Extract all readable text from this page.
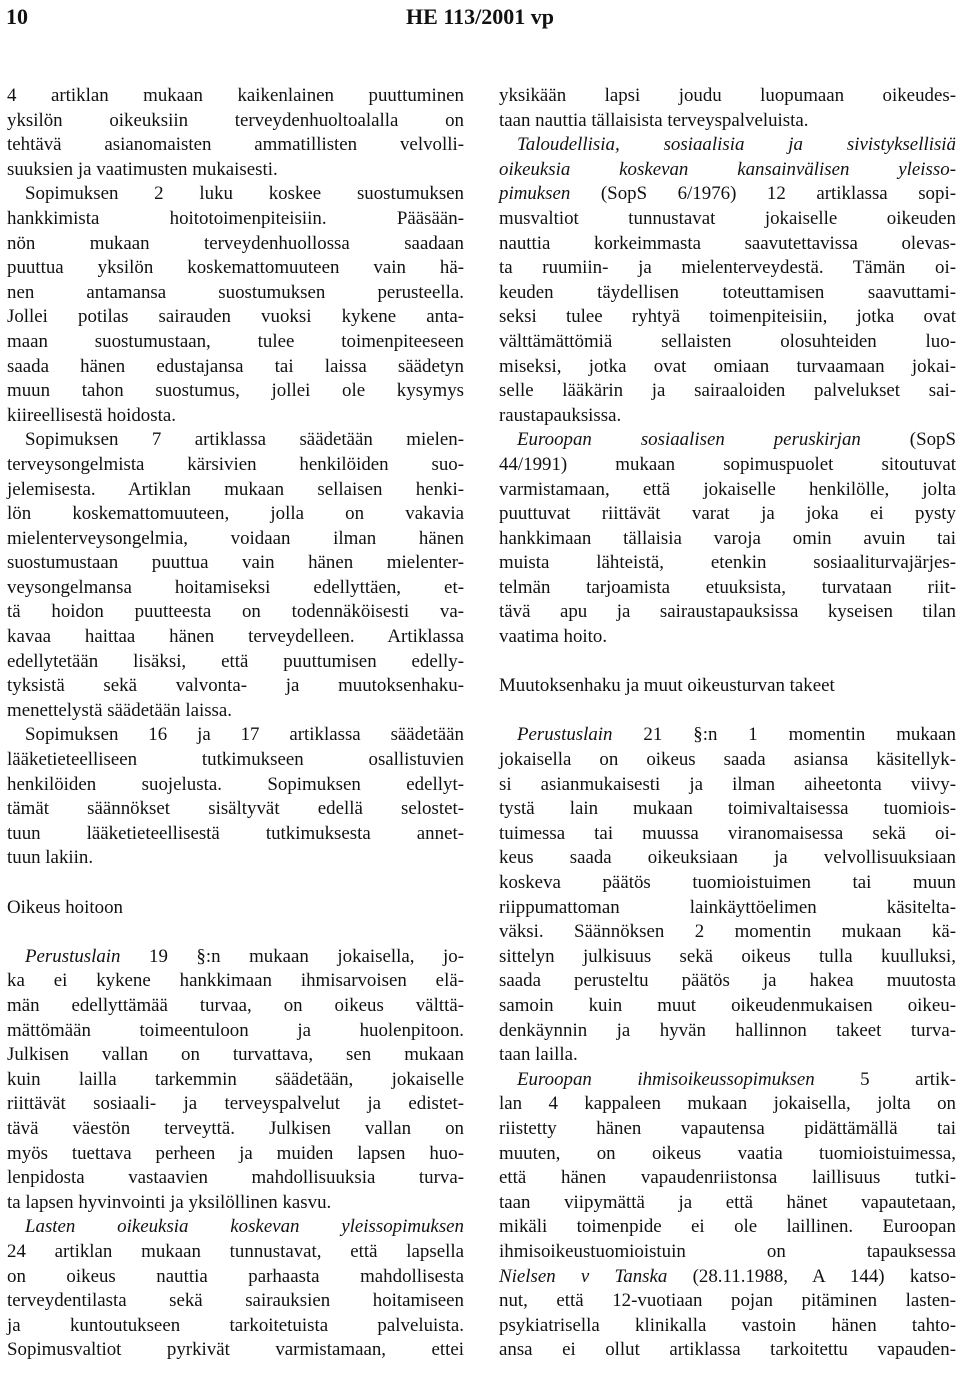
10	HE 113/2001 vp
4 artiklan mukaan kaikenlainen puuttuminen
yksilön oikeuksiin terveydenhuoltoalalla on
tehtävä asianomaisten ammatillisten velvolli-
suuksien ja vaatimusten mukaisesti.
Sopimuksen 2 luku koskee suostumuksen
hankkimista hoitotoimenpiteisiin. Pääsään-
nön mukaan terveydenhuollossa saadaan
puuttua yksilön koskemattomuuteen vain hä-
nen antamansa suostumuksen perusteella.
Jollei potilas sairauden vuoksi kykene anta-
maan suostumustaan, tulee toimenpiteeseen
saada hänen edustajansa tai laissa säädetyn
muun tahon suostumus, jollei ole kysymys
kiireellisestä hoidosta.
Sopimuksen 7 artiklassa säädetään mielen-
terveysongelmista kärsivien henkilöiden suo-
jelemisesta. Artiklan mukaan sellaisen henki-
lön koskemattomuuteen, jolla on vakavia
mielenterveysongelmia, voidaan ilman hänen
suostumustaan puuttua vain hänen mielenter-
veysongelmansa hoitamiseksi edellyttäen, et-
tä hoidon puutteesta on todennäköisesti va-
kavaa haittaa hänen terveydelleen. Artiklassa
edellytetään lisäksi, että puuttumisen edelly-
tyksistä sekä valvonta- ja muutoksenhaku-
menettelystä säädetään laissa.
Sopimuksen 16 ja 17 artiklassa säädetään
lääketieteelliseen tutkimukseen osallistuvien
henkilöiden suojelusta. Sopimuksen edellyt-
tämät säännökset sisältyvät edellä selostet-
tuun lääketieteellisestä tutkimuksesta annet-
tuun lakiin.
Oikeus hoitoon
Perustuslain 19 §:n mukaan jokaisella, jo-
ka ei kykene hankkimaan ihmisarvoisen elä-
män edellyttämää turvaa, on oikeus välttä-
mättömään toimeentuloon ja huolenpitoon.
Julkisen vallan on turvattava, sen mukaan
kuin lailla tarkemmin säädetään, jokaiselle
riittävät sosiaali- ja terveyspalvelut ja edistet-
tävä väestön terveyttä. Julkisen vallan on
myös tuettava perheen ja muiden lapsen huo-
lenpidosta vastaavien mahdollisuuksia turva-
ta lapsen hyvinvointi ja yksilöllinen kasvu.
Lasten oikeuksia koskevan yleissopimuksen
24 artiklan mukaan tunnustavat, että lapsella
on oikeus nauttia parhaasta mahdollisesta
terveydentilasta sekä sairauksien hoitamiseen
ja kuntoutukseen tarkoitetuista palveluista.
Sopimusvaltiot pyrkivät varmistamaan, ettei
yksikään lapsi joudu luopumaan oikeudes-
taan nauttia tällaisista terveyspalveluista.
Taloudellisia, sosiaalisia ja sivistyksellisiä
oikeuksia koskevan kansainvälisen yleisso-
pimuksen (SopS 6/1976) 12 artiklassa sopi-
musvaltiot tunnustavat jokaiselle oikeuden
nauttia korkeimmasta saavutettavissa olevas-
ta ruumiin- ja mielenterveydestä. Tämän oi-
keuden täydellisen toteuttamisen saavuttami-
seksi tulee ryhtyä toimenpiteisiin, jotka ovat
välttämättömiä sellaisten olosuhteiden luo-
miseksi, jotka ovat omiaan turvaamaan jokai-
selle lääkärin ja sairaaloiden palvelukset sai-
raustapauksissa.
Euroopan sosiaalisen peruskirjan (SopS
44/1991) mukaan sopimuspuolet sitoutuvat
varmistamaan, että jokaiselle henkilölle, jolta
puuttuvat riittävät varat ja joka ei pysty
hankkimaan tällaisia varoja omin avuin tai
muista lähteistä, etenkin sosiaaliturvajärjes-
telmän tarjoamista etuuksista, turvataan riit-
tävä apu ja sairaustapauksissa kyseisen tilan
vaatima hoito.
Muutoksenhaku ja muut oikeusturvan takeet
Perustuslain 21 §:n 1 momentin mukaan
jokaisella on oikeus saada asiansa käsitellyk-
si asianmukaisesti ja ilman aiheetonta viivy-
tystä lain mukaan toimivaltaisessa tuomiois-
tuimessa tai muussa viranomaisessa sekä oi-
keus saada oikeuksiaan ja velvollisuuksiaan
koskeva päätös tuomioistuimen tai muun
riippumattoman lainkäyttöelimen käsitelta-
väksi. Säännöksen 2 momentin mukaan kä-
sittelyn julkisuus sekä oikeus tulla kuulluksi,
saada perusteltu päätös ja hakea muutosta
samoin kuin muut oikeudenmukaisen oikeu-
denkäynnin ja hyvän hallinnon takeet turva-
taan lailla.
Euroopan ihmisoikeussopimuksen 5 artik-
lan 4 kappaleen mukaan jokaisella, jolta on
riistetty hänen vapautensa pidättämällä tai
muuten, on oikeus vaatia tuomioistuimessa,
että hänen vapaudenriistonsa laillisuus tutki-
taan viipymättä ja että hänet vapautetaan,
mikäli toimenpide ei ole laillinen. Euroopan
ihmisoikeustuomioistuin on tapauksessa
Nielsen v Tanska (28.11.1988, A 144) katso-
nut, että 12-vuotiaan pojan pitäminen lasten-
psykiatrisella klinikalla vastoin hänen tahto-
ansa ei ollut artiklassa tarkoitettu vapauden-
